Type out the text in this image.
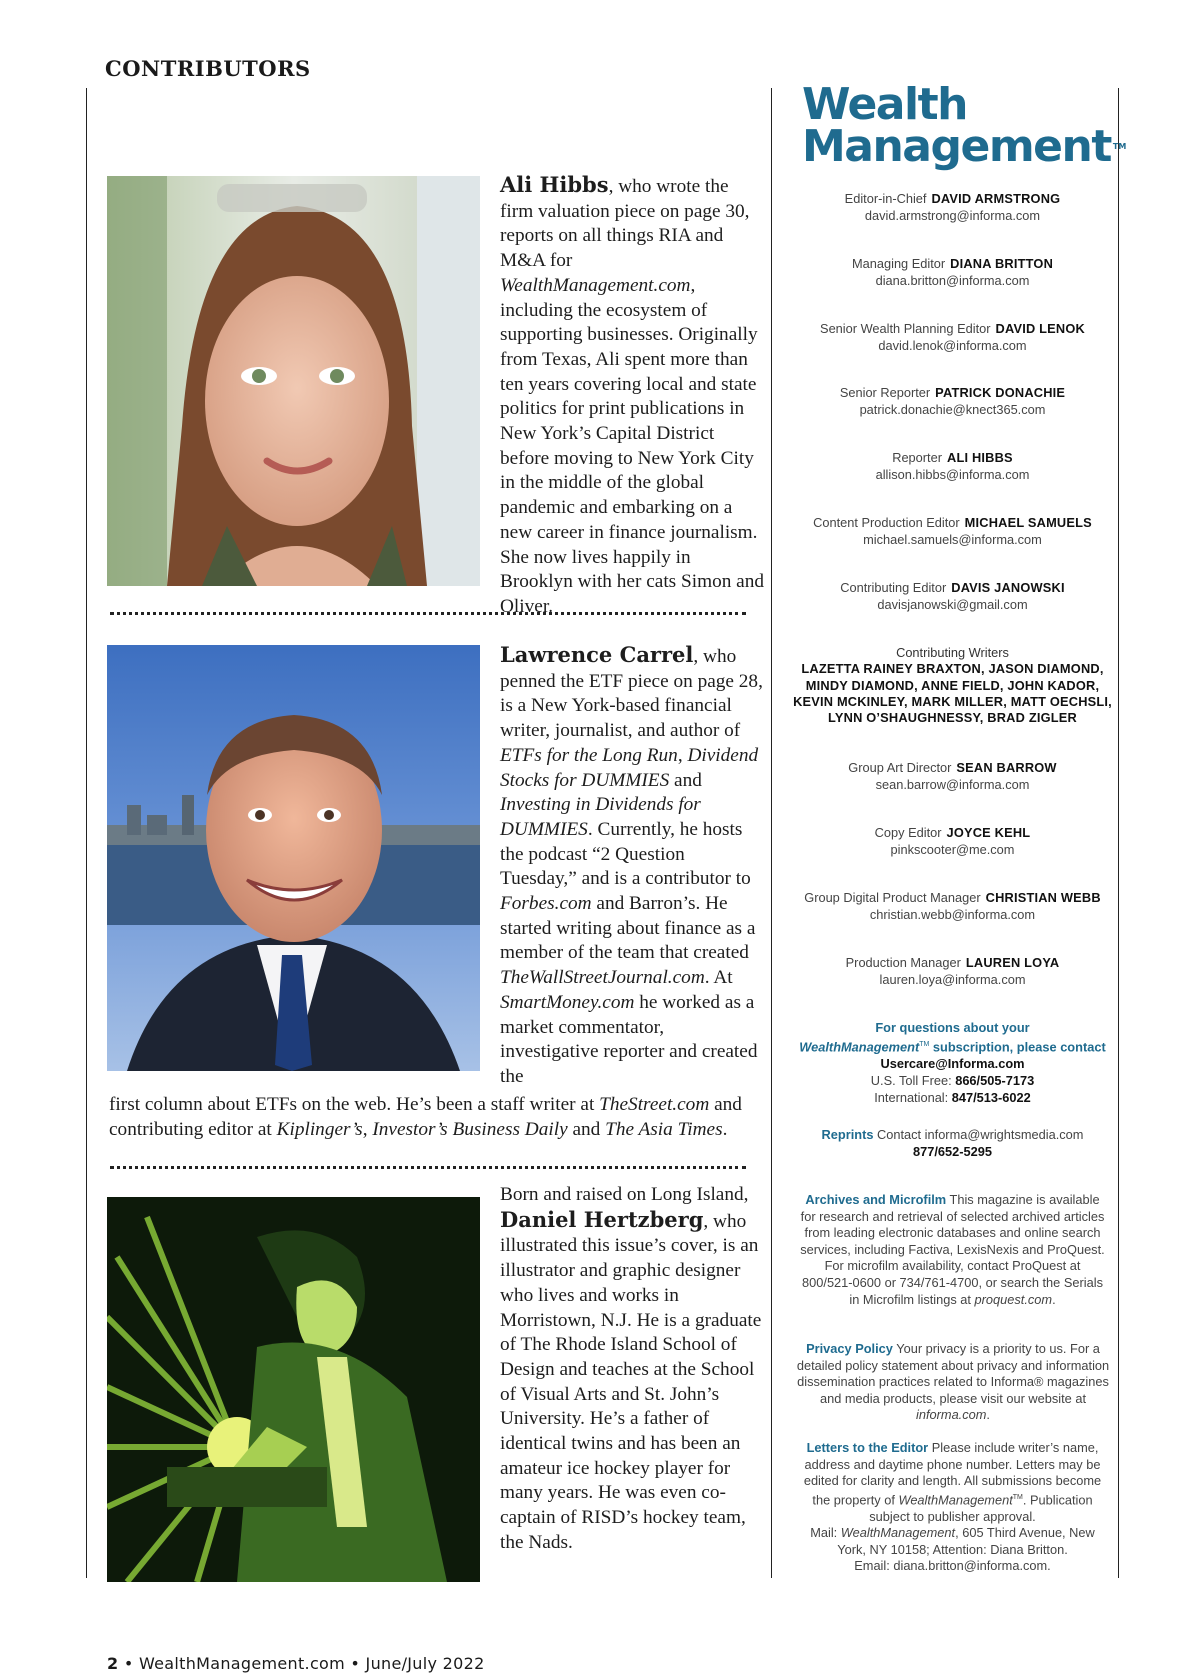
CONTRIBUTORS
Ali Hibbs, who wrote the firm valuation piece on page 30, reports on all things RIA and M&A for WealthManagement.com, including the ecosystem of supporting businesses. Originally from Texas, Ali spent more than ten years covering local and state politics for print publications in New York’s Capital District before moving to New York City in the middle of the global pandemic and embarking on a new career in finance journalism. She now lives happily in Brooklyn with her cats Simon and Oliver.
Lawrence Carrel, who penned the ETF piece on page 28, is a New York-based financial writer, journalist, and author of ETFs for the Long Run, Dividend Stocks for DUMMIES and Investing in Dividends for DUMMIES. Currently, he hosts the podcast “2 Question Tuesday,” and is a contributor to Forbes.com and Barron’s. He started writing about finance as a member of the team that created TheWallStreetJournal.com. At SmartMoney.com he worked as a market commentator, investigative reporter and created the
first column about ETFs on the web. He’s been a staff writer at TheStreet.com and contributing editor at Kiplinger’s, Investor’s Business Daily and The Asia Times.
Born and raised on Long Island, Daniel Hertzberg, who illustrated this issue’s cover, is an illustrator and graphic designer who lives and works in Morristown, N.J. He is a graduate of The Rhode Island School of Design and teaches at the School of Visual Arts and St. John’s University. He’s a father of identical twins and has been an amateur ice hockey player for many years. He was even co-captain of RISD’s hockey team, the Nads.
2 • WealthManagement.com • June/July 2022
Wealth
Management TM
Editor-in-Chief DAVID ARMSTRONG
david.armstrong@informa.com
Managing Editor DIANA BRITTON
diana.britton@informa.com
Senior Wealth Planning Editor DAVID LENOK
david.lenok@informa.com
Senior Reporter PATRICK DONACHIE
patrick.donachie@knect365.com
Reporter ALI HIBBS
allison.hibbs@informa.com
Content Production Editor MICHAEL SAMUELS
michael.samuels@informa.com
Contributing Editor DAVIS JANOWSKI
davisjanowski@gmail.com
Contributing Writers
LAZETTA RAINEY BRAXTON, JASON DIAMOND,
MINDY DIAMOND, ANNE FIELD, JOHN KADOR,
KEVIN MCKINLEY, MARK MILLER, MATT OECHSLI,
LYNN O’SHAUGHNESSY, BRAD ZIGLER
Group Art Director SEAN BARROW
sean.barrow@informa.com
Copy Editor JOYCE KEHL
pinkscooter@me.com
Group Digital Product Manager CHRISTIAN WEBB
christian.webb@informa.com
Production Manager LAUREN LOYA
lauren.loya@informa.com
For questions about your
WealthManagement™ subscription, please contact
Usercare@Informa.com
U.S. Toll Free: 866/505-7173
International: 847/513-6022
Reprints Contact informa@wrightsmedia.com
877/652-5295
Archives and Microfilm This magazine is available for research and retrieval of selected archived articles from leading electronic databases and online search services, including Factiva, LexisNexis and ProQuest. For microfilm availability, contact ProQuest at 800/521-0600 or 734/761-4700, or search the Serials in Microfilm listings at proquest.com.
Privacy Policy Your privacy is a priority to us. For a detailed policy statement about privacy and information dissemination practices related to Informa® magazines and media products, please visit our website at informa.com.
Letters to the Editor Please include writer’s name, address and daytime phone number. Letters may be edited for clarity and length. All submissions become the property of WealthManagement™. Publication subject to publisher approval.
Mail: WealthManagement, 605 Third Avenue, New York, NY 10158; Attention: Diana Britton.
Email: diana.britton@informa.com.
